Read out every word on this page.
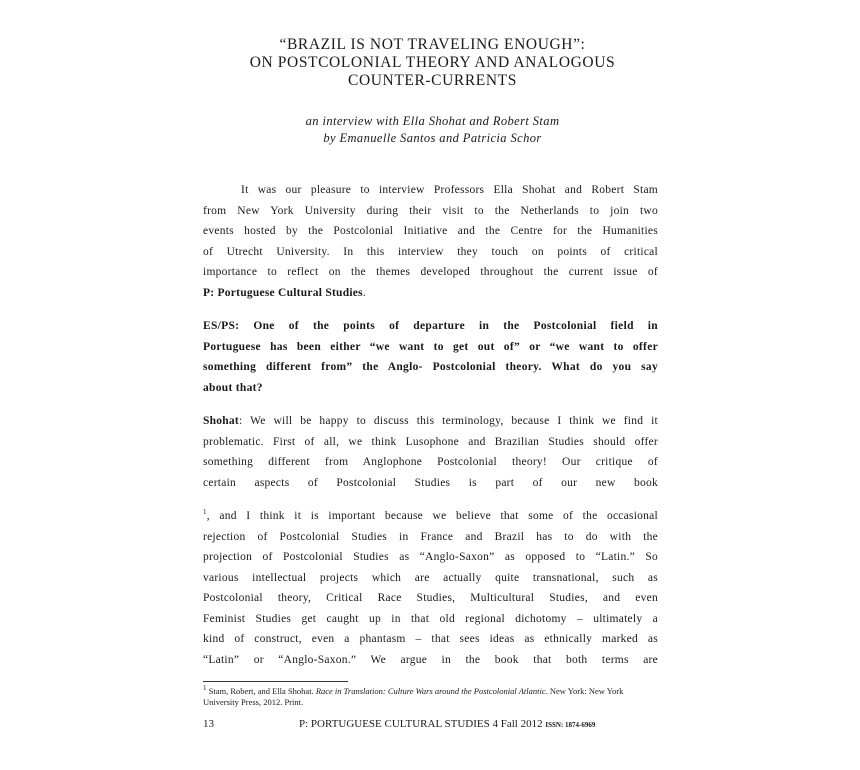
“BRAZIL IS NOT TRAVELING ENOUGH”:
ON POSTCOLONIAL THEORY AND ANALOGOUS
COUNTER-CURRENTS
an interview with Ella Shohat and Robert Stam
by Emanuelle Santos and Patricia Schor
It was our pleasure to interview Professors Ella Shohat and Robert Stam
from New York University during their visit to the Netherlands to join two
events hosted by the Postcolonial Initiative and the Centre for the Humanities
of Utrecht University. In this interview they touch on points of critical
importance to reflect on the themes developed throughout the current issue of
P: Portuguese Cultural Studies.
ES/PS: One of the points of departure in the Postcolonial field in
Portuguese has been either “we want to get out of” or “we want to offer
something different from” the Anglo- Postcolonial theory. What do you say
about that?
Shohat: We will be happy to discuss this terminology, because I think we find it
problematic. First of all, we think Lusophone and Brazilian Studies should offer
something different from Anglophone Postcolonial theory! Our critique of
certain aspects of Postcolonial Studies is part of our new book
$^1$, and I think it is important because we believe that some of the occasional
rejection of Postcolonial Studies in France and Brazil has to do with the
projection of Postcolonial Studies as “Anglo-Saxon” as opposed to “Latin.” So
various intellectual projects which are actually quite transnational, such as
Postcolonial theory, Critical Race Studies, Multicultural Studies, and even
Feminist Studies get caught up in that old regional dichotomy – ultimately a
kind of construct, even a phantasm – that sees ideas as ethnically marked as
“Latin” or “Anglo-Saxon.” We argue in the book that both terms are
$^1$ Stam, Robert, and Ella Shohat. Race in Translation: Culture Wars around the Postcolonial Atlantic. New York: New York University Press, 2012. Print.
13	P: PORTUGUESE CULTURAL STUDIES 4 Fall 2012 ISSN: 1874-6969
